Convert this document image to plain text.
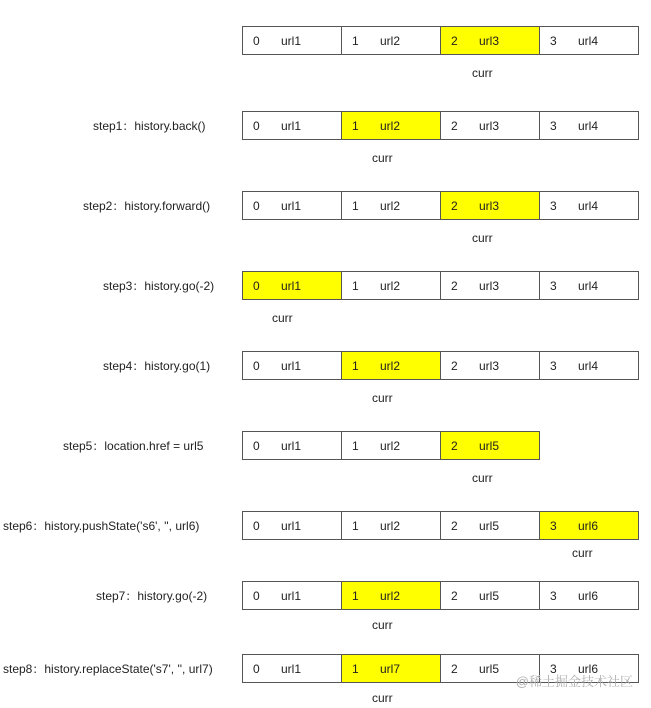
0 url1	1 url2	2 url3	3 url4
curr
step1：history.back()	0 url1	1 url2	2 url3	3 url4
curr
step2：history.forward()	0 url1	1 url2	2 url3	3 url4
curr
step3：history.go(-2)	0 url1	1 url2	2 url3	3 url4
curr
step4：history.go(1)	0 url1	1 url2	2 url3	3 url4
curr
step5：location.href = url5	0 url1	1 url2	2 url5
curr
step6：history.pushState('s6', '', url6)	0 url1	1 url2	2 url5	3 url6
curr
step7：history.go(-2)	0 url1	1 url2	2 url5	3 url6
curr
step8：history.replaceState('s7', '', url7)	0 url1	1 url7	2 url5	3 url6
curr
@稀土掘金技术社区
